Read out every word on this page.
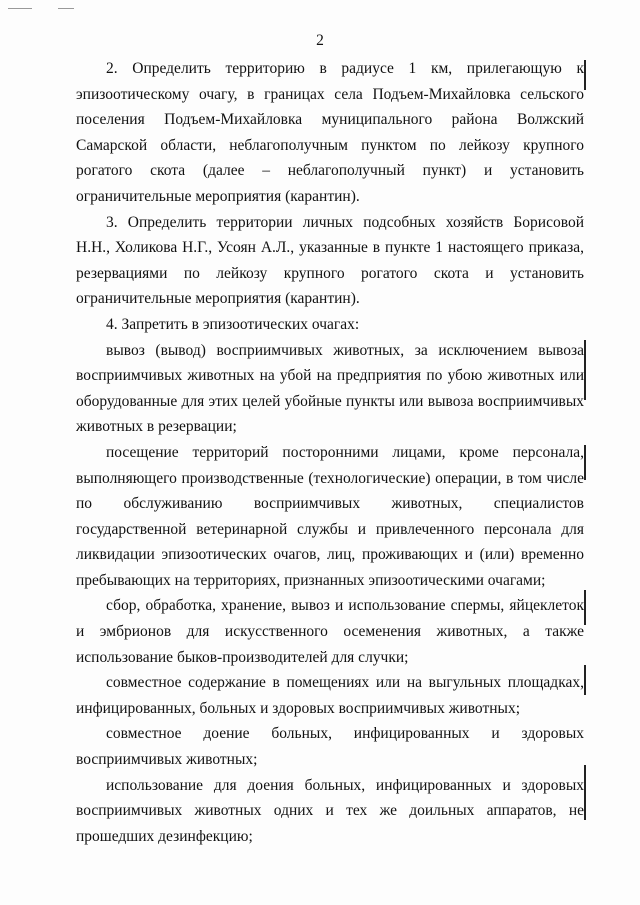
2

2. Определить территорию в радиусе 1 км, прилегающую к эпизоотическому очагу, в границах села Подъем-Михайловка сельского поселения Подъем-Михайловка муниципального района Волжский Самарской области, неблагополучным пунктом по лейкозу крупного рогатого скота (далее – неблагополучный пункт) и установить ограничительные мероприятия (карантин).

3. Определить территории личных подсобных хозяйств Борисовой Н.Н., Холикова Н.Г., Усоян А.Л., указанные в пункте 1 настоящего приказа, резервациями по лейкозу крупного рогатого скота и установить ограничительные мероприятия (карантин).

4. Запретить в эпизоотических очагах:

вывоз (вывод) восприимчивых животных, за исключением вывоза восприимчивых животных на убой на предприятия по убою животных или оборудованные для этих целей убойные пункты или вывоза восприимчивых животных в резервации;

посещение территорий посторонними лицами, кроме персонала, выполняющего производственные (технологические) операции, в том числе по обслуживанию восприимчивых животных, специалистов государственной ветеринарной службы и привлеченного персонала для ликвидации эпизоотических очагов, лиц, проживающих и (или) временно пребывающих на территориях, признанных эпизоотическими очагами;

сбор, обработка, хранение, вывоз и использование спермы, яйцеклеток и эмбрионов для искусственного осеменения животных, а также использование быков-производителей для случки;

совместное содержание в помещениях или на выгульных площадках, инфицированных, больных и здоровых восприимчивых животных;

совместное доение больных, инфицированных и здоровых восприимчивых животных;

использование для доения больных, инфицированных и здоровых восприимчивых животных одних и тех же доильных аппаратов, не прошедших дезинфекцию;
